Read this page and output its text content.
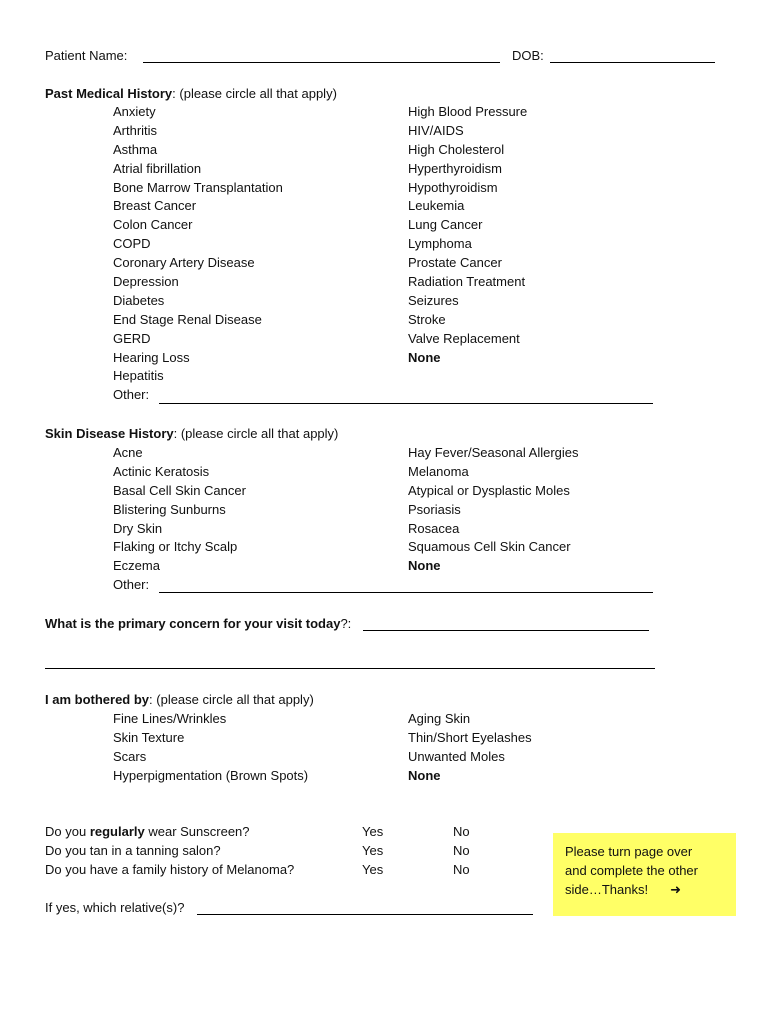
Patient Name:	DOB:
Past Medical History: (please circle all that apply)
Anxiety
Arthritis
Asthma
Atrial fibrillation
Bone Marrow Transplantation
Breast Cancer
Colon Cancer
COPD
Coronary Artery Disease
Depression
Diabetes
End Stage Renal Disease
GERD
Hearing Loss
Hepatitis
Other:
High Blood Pressure
HIV/AIDS
High Cholesterol
Hyperthyroidism
Hypothyroidism
Leukemia
Lung Cancer
Lymphoma
Prostate Cancer
Radiation Treatment
Seizures
Stroke
Valve Replacement
None
Skin Disease History: (please circle all that apply)
Acne
Actinic Keratosis
Basal Cell Skin Cancer
Blistering Sunburns
Dry Skin
Flaking or Itchy Scalp
Eczema
Other:
Hay Fever/Seasonal Allergies
Melanoma
Atypical or Dysplastic Moles
Psoriasis
Rosacea
Squamous Cell Skin Cancer
None
What is the primary concern for your visit today?:
I am bothered by: (please circle all that apply)
Fine Lines/Wrinkles
Skin Texture
Scars
Hyperpigmentation (Brown Spots)
Aging Skin
Thin/Short Eyelashes
Unwanted Moles
None
Do you regularly wear Sunscreen?
Do you tan in a tanning salon?
Do you have a family history of Melanoma?
Yes
Yes
Yes
No
No
No
If yes, which relative(s)?
Please turn page over
and complete the other
side…Thanks! ➜
